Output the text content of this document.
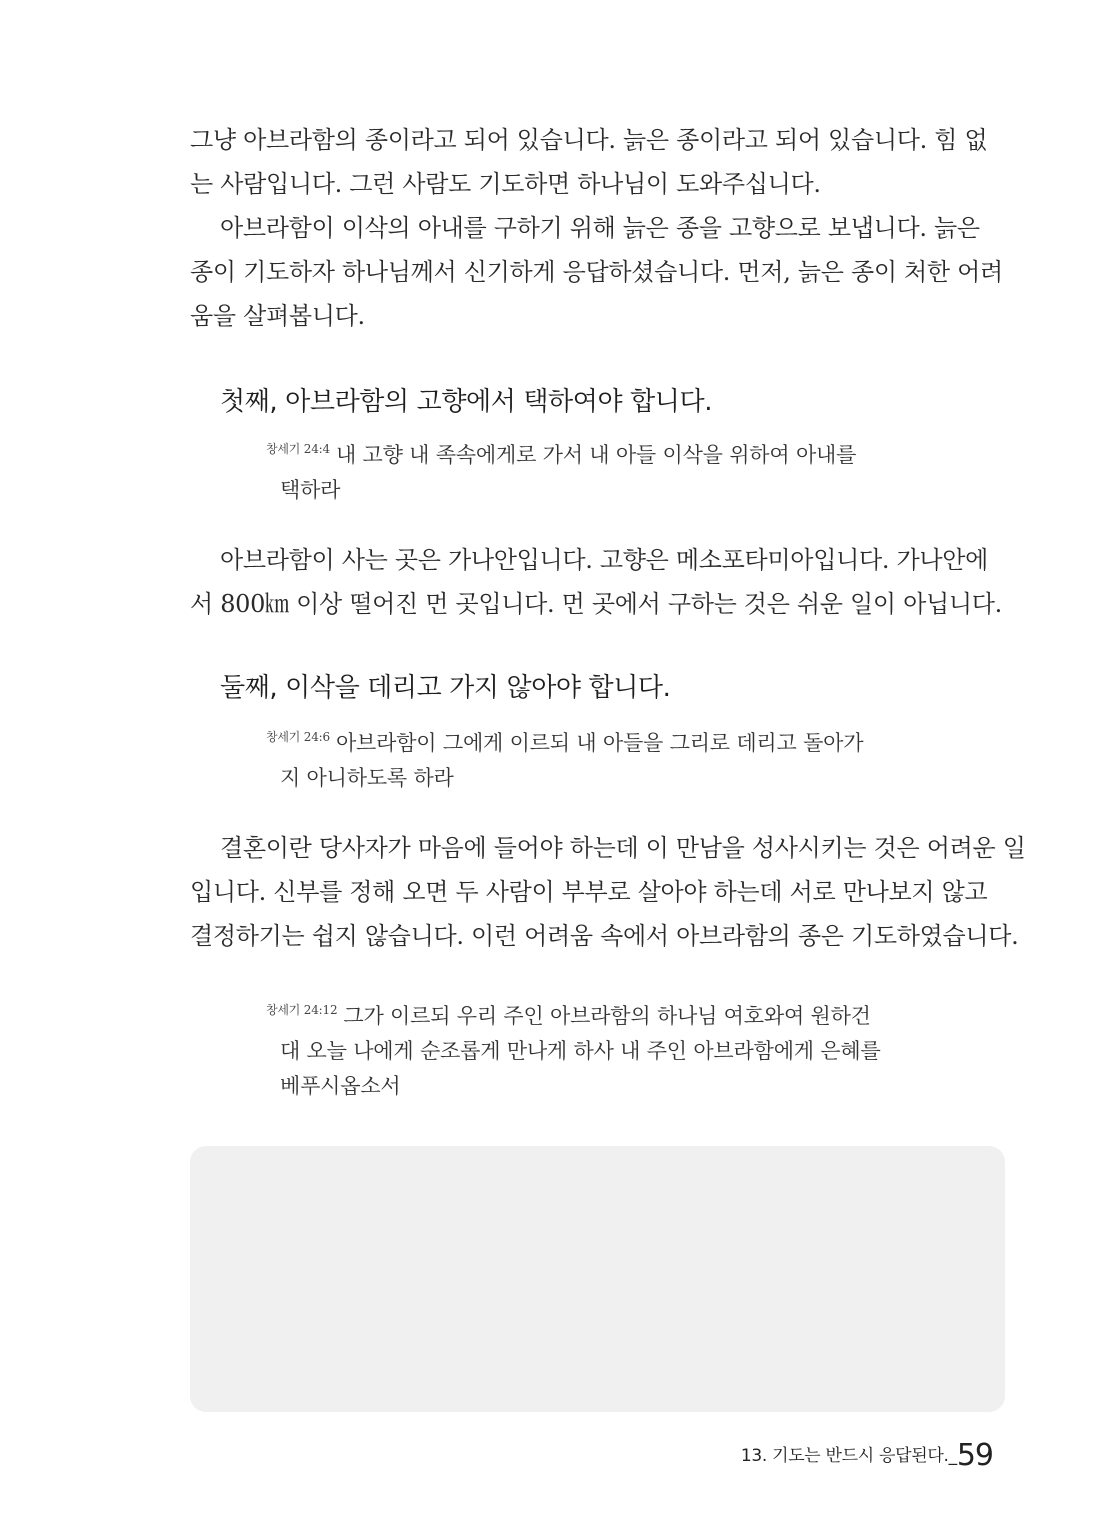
그냥 아브라함의 종이라고 되어 있습니다. 늙은 종이라고 되어 있습니다. 힘 없
는 사람입니다. 그런 사람도 기도하면 하나님이 도와주십니다.
아브라함이 이삭의 아내를 구하기 위해 늙은 종을 고향으로 보냅니다. 늙은
종이 기도하자 하나님께서 신기하게 응답하셨습니다. 먼저, 늙은 종이 처한 어려
움을 살펴봅니다.
첫째, 아브라함의 고향에서 택하여야 합니다.
$^{창세기 24:4}$ 내 고향 내 족속에게로 가서 내 아들 이삭을 위하여 아내를
택하라
아브라함이 사는 곳은 가나안입니다. 고향은 메소포타미아입니다. 가나안에
서 800㎞ 이상 떨어진 먼 곳입니다. 먼 곳에서 구하는 것은 쉬운 일이 아닙니다.
둘째, 이삭을 데리고 가지 않아야 합니다.
$^{창세기 24:6}$ 아브라함이 그에게 이르되 내 아들을 그리로 데리고 돌아가
지 아니하도록 하라
결혼이란 당사자가 마음에 들어야 하는데 이 만남을 성사시키는 것은 어려운 일
입니다. 신부를 정해 오면 두 사람이 부부로 살아야 하는데 서로 만나보지 않고
결정하기는 쉽지 않습니다. 이런 어려움 속에서 아브라함의 종은 기도하였습니다.
$^{창세기 24:12}$ 그가 이르되 우리 주인 아브라함의 하나님 여호와여 원하건
대 오늘 나에게 순조롭게 만나게 하사 내 주인 아브라함에게 은혜를
베푸시옵소서
13. 기도는 반드시 응답된다._59
